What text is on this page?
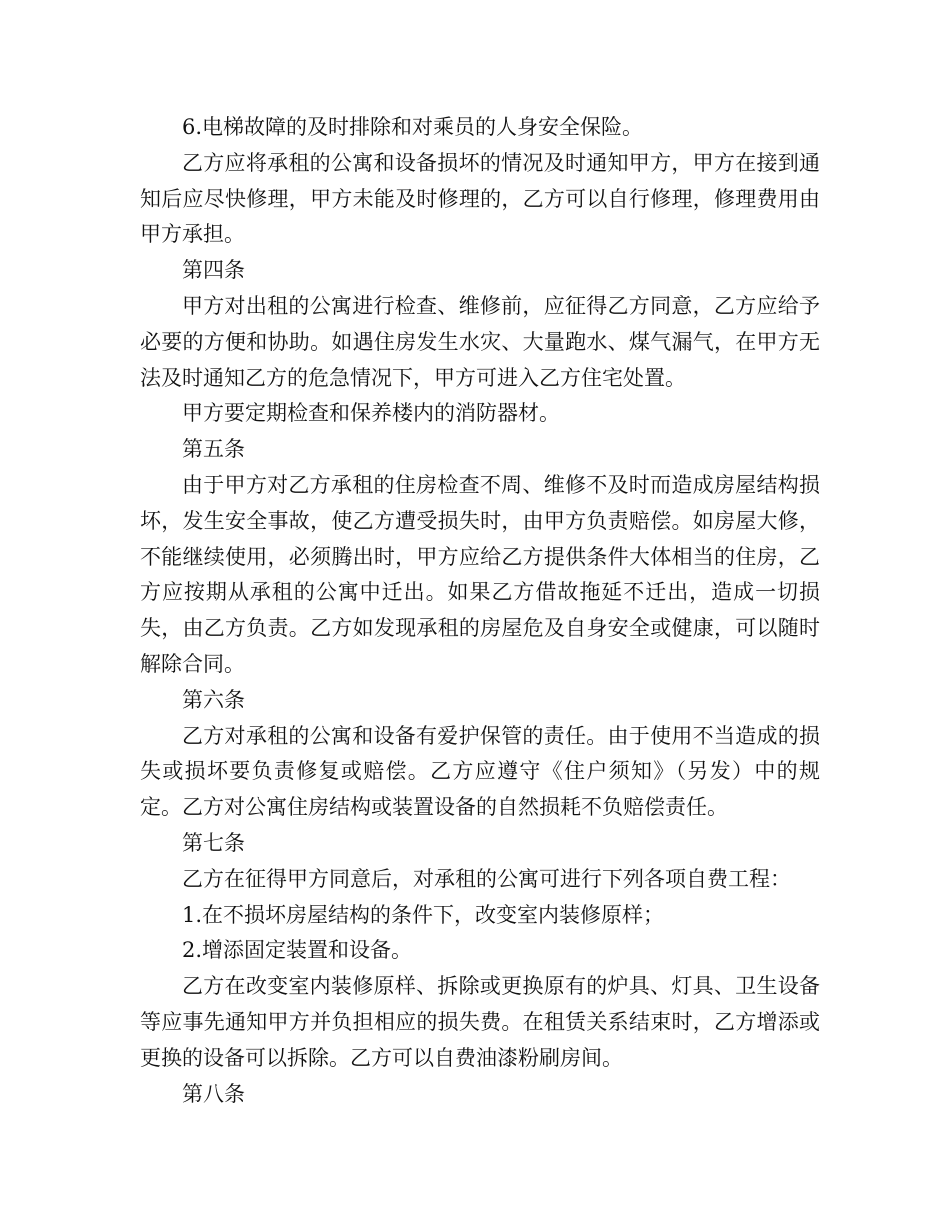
6.电梯故障的及时排除和对乘员的人身安全保险。

乙方应将承租的公寓和设备损坏的情况及时通知甲方，甲方在接到通知后应尽快修理，甲方未能及时修理的，乙方可以自行修理，修理费用由甲方承担。

第四条

甲方对出租的公寓进行检查、维修前，应征得乙方同意，乙方应给予必要的方便和协助。如遇住房发生水灾、大量跑水、煤气漏气，在甲方无法及时通知乙方的危急情况下，甲方可进入乙方住宅处置。

甲方要定期检查和保养楼内的消防器材。

第五条

由于甲方对乙方承租的住房检查不周、维修不及时而造成房屋结构损坏，发生安全事故，使乙方遭受损失时，由甲方负责赔偿。如房屋大修，不能继续使用，必须腾出时，甲方应给乙方提供条件大体相当的住房，乙方应按期从承租的公寓中迁出。如果乙方借故拖延不迁出，造成一切损失，由乙方负责。乙方如发现承租的房屋危及自身安全或健康，可以随时解除合同。

第六条

乙方对承租的公寓和设备有爱护保管的责任。由于使用不当造成的损失或损坏要负责修复或赔偿。乙方应遵守《住户须知》（另发）中的规定。乙方对公寓住房结构或装置设备的自然损耗不负赔偿责任。

第七条

乙方在征得甲方同意后，对承租的公寓可进行下列各项自费工程：

1.在不损坏房屋结构的条件下，改变室内装修原样；

2.增添固定装置和设备。

乙方在改变室内装修原样、拆除或更换原有的炉具、灯具、卫生设备等应事先通知甲方并负担相应的损失费。在租赁关系结束时，乙方增添或更换的设备可以拆除。乙方可以自费油漆粉刷房间。

第八条
